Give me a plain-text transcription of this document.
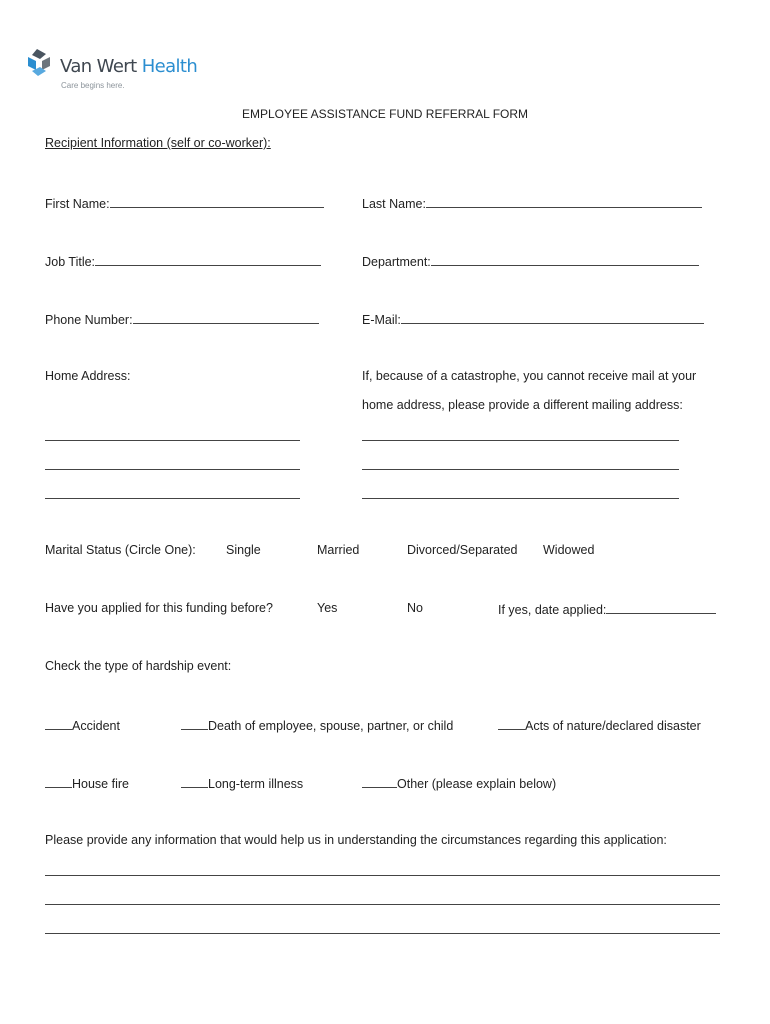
Van Wert Health
Care begins here.
EMPLOYEE ASSISTANCE FUND REFERRAL FORM
Recipient Information (self or co-worker):
First Name:	Last Name:
Job Title:	Department:
Phone Number:	E-Mail:
Home Address:	If, because of a catastrophe, you cannot receive mail at your
home address, please provide a different mailing address:
Marital Status (Circle One): Single	Married	Divorced/Separated Widowed
Have you applied for this funding before?	Yes	No	If yes, date applied:
Check the type of hardship event:
Accident	Death of employee, spouse, partner, or child	Acts of nature/declared disaster
House fire	Long-term illness	Other (please explain below)
Please provide any information that would help us in understanding the circumstances regarding this application:
